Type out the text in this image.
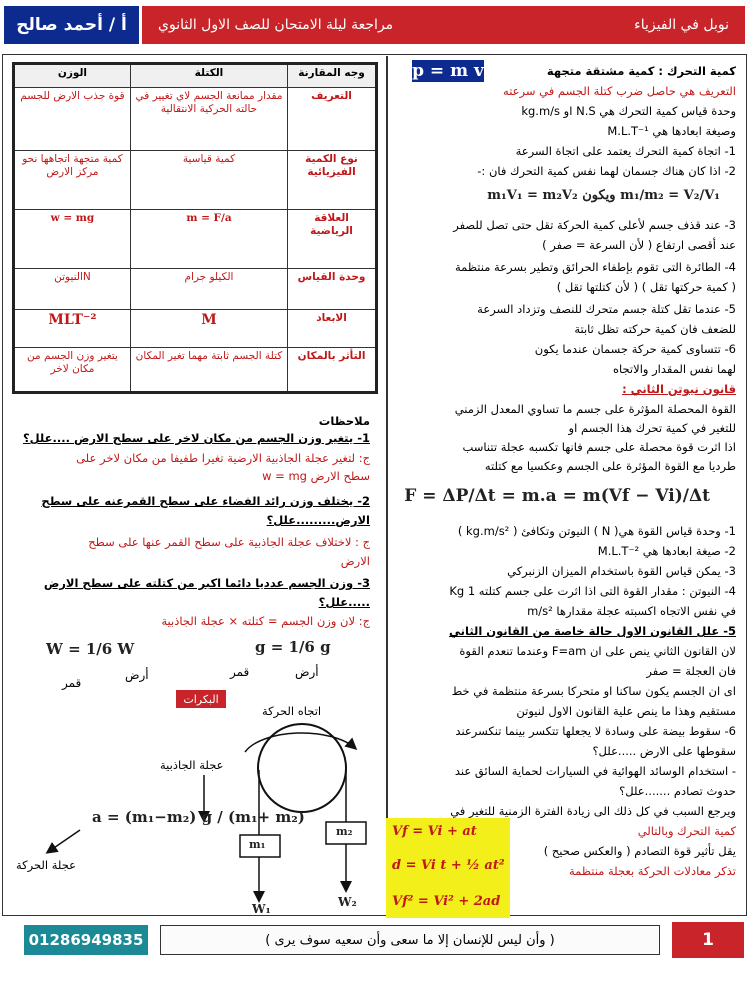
أ / أحمد صالح	نوبل في الفيزياء
مراجعة ليلة الامتحان للصف الاول الثانوي
وجه المقارنة	الكتلة	الوزن
التعريف	مقدار ممانعة الجسم لاي تغيير في حالته الحركية الانتقالية	قوة جذب الارض للجسم
نوع الكمية الفيزيائية	كمية قياسية	كمية متجهة اتجاهها نحو مركز الارض
العلاقة الرياضية	m = F/a	w = mg
وحدة القياس	الكيلو جرام	Nالنيوتن
الابعاد	M	MLT⁻²
التأثر بالمكان	كتلة الجسم ثابتة مهما تغير المكان	يتغير وزن الجسم من مكان لاخر
ملاحظات
1- يتغير وزن الجسم من مكان لاخر على سطح الارض ....علل؟
ج: لتغير عجلة الجاذبية الارضية تغيرا طفيفا من مكان لاخر على
سطح الارض w = mg
2- يختلف وزن رائد الفضاء على سطح القمرعنه على سطح
الارض.........علل؟
ج : لاختلاف عجلة الجاذبية على سطح القمر عنها على سطح
الارض
3- وزن الجسم عدديا دائما اكبر من كتلته على سطح الارض
.....علل؟
ج: لان وزن الجسم = كتلته × عجلة الجاذبية
W = 1/6 W	g = 1/6 g
قمر
أرض	قمر	أرض
البكرات
اتجاه الحركة
عجلة الجاذبية
عجلة الحركة
m₁
m₂
W₁	W₂
a = (m₁−m₂) g / (m₁+ m₂)
p = m v	كمية التحرك : كمية مشتقة متجهة
التعريف هي حاصل ضرب كتلة الجسم في سرعته
وحدة قياس كمية التحرك هي N.S او kg.m/s
وصيغة ابعادها هي M.L.T⁻¹
1- اتجاة كمية التحرك يعتمد على اتجاة السرعة
2- اذا كان هناك جسمان لهما نفس كمية التحرك فان :-
m₁/m₂ = V₂/V₁ ويكون m₁V₁ = m₂V₂
3- عند قذف جسم لأعلى كمية الحركة تقل حتى تصل للصفر
عند أقصى ارتفاع ( لأن السرعة = صفر )
4- الطائرة التى تقوم بإطفاء الحرائق وتطير بسرعة منتظمة
( كمية حركتها تقل ) ( لأن كتلتها تقل )
5- عندما تقل كتلة جسم متحرك للنصف وتزداد السرعة
للضعف فان كمية حركته تظل ثابتة
6- تتساوى كمية حركة جسمان عندما يكون
لهما نفس المقدار والاتجاه
قانون نيوتن الثاني :
القوة المحصلة المؤثرة على جسم ما تساوي المعدل الزمني
للتغير في كمية تحرك هذا الجسم او
اذا اثرت قوة محصلة على جسم فانها تكسبه عجلة تتناسب
طرديا مع القوة المؤثرة على الجسم وعكسيا مع كتلته
F = ΔP/Δt = m.a = m(Vf − Vi)/Δt
1- وحدة قياس القوة هي( N ) النيوتن وتكافئ ( kg.m/s² )
2- صيغة ابعادها هي M.L.T⁻²
3- يمكن قياس القوة باستخدام الميزان الزنبركي
4- النيوتن : مقدار القوة التى اذا اثرت على جسم كتلته 1 Kg
في نفس الاتجاه اكسبته عجلة مقدارها m/s²
5- علل القانون الاول حالة خاصة من القانون الثاني
لان القانون الثاني ينص على ان F=am وعندما تنعدم القوة
فان العجلة = صفر
اى ان الجسم يكون ساكنا او متحركا بسرعة منتظمة في خط
مستقيم وهذا ما ينص علية القانون الاول لنيوتن
6- سقوط بيضة على وسادة لا يجعلها تتكسر بينما تنكسرعند
سقوطها على الارض .....علل؟
- استخدام الوسائد الهوائية في السيارات لحماية السائق عند
حدوث تصادم .......علل؟
ويرجع السبب في كل ذلك الى زيادة الفترة الزمنية للتغير في
كمية التحرك وبالتالي
يقل تأثير قوة التصادم ( والعكس صحيح )
تذكر معادلات الحركة بعجلة منتظمة
Vf = Vi + at
d = Vi t + ½ at²
Vf² = Vi² + 2ad
01286949835	( وأن ليس للإنسان إلا ما سعى وأن سعيه سوف يرى )	1
